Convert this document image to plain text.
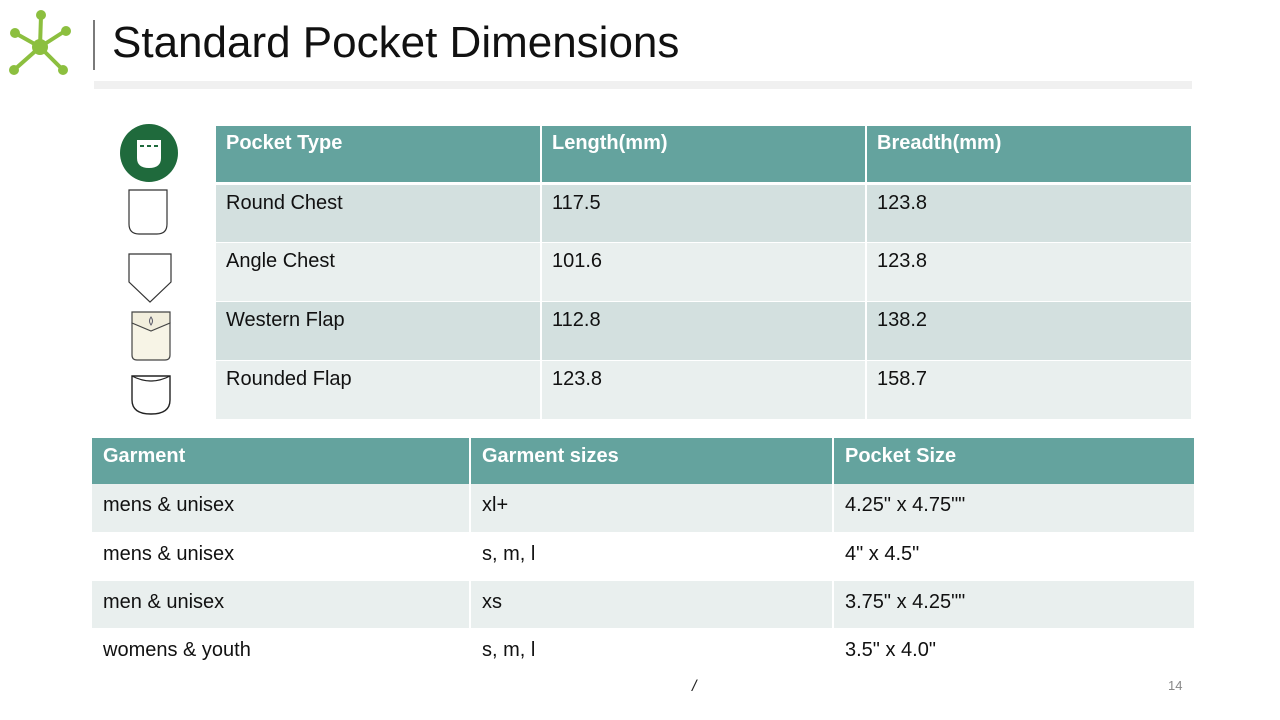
Standard Pocket Dimensions
Pocket Type	Length(mm)	Breadth(mm)
Round Chest	117.5	123.8
Angle Chest	101.6	123.8
Western Flap	112.8	138.2
Rounded Flap	123.8	158.7
Garment	Garment sizes	Pocket Size
mens & unisex	xl+	4.25" x 4.75""
mens & unisex	s, m, l	4" x 4.5"
men & unisex	xs	3.75" x 4.25""
womens & youth	s, m, l	3.5" x 4.0"
/	14
